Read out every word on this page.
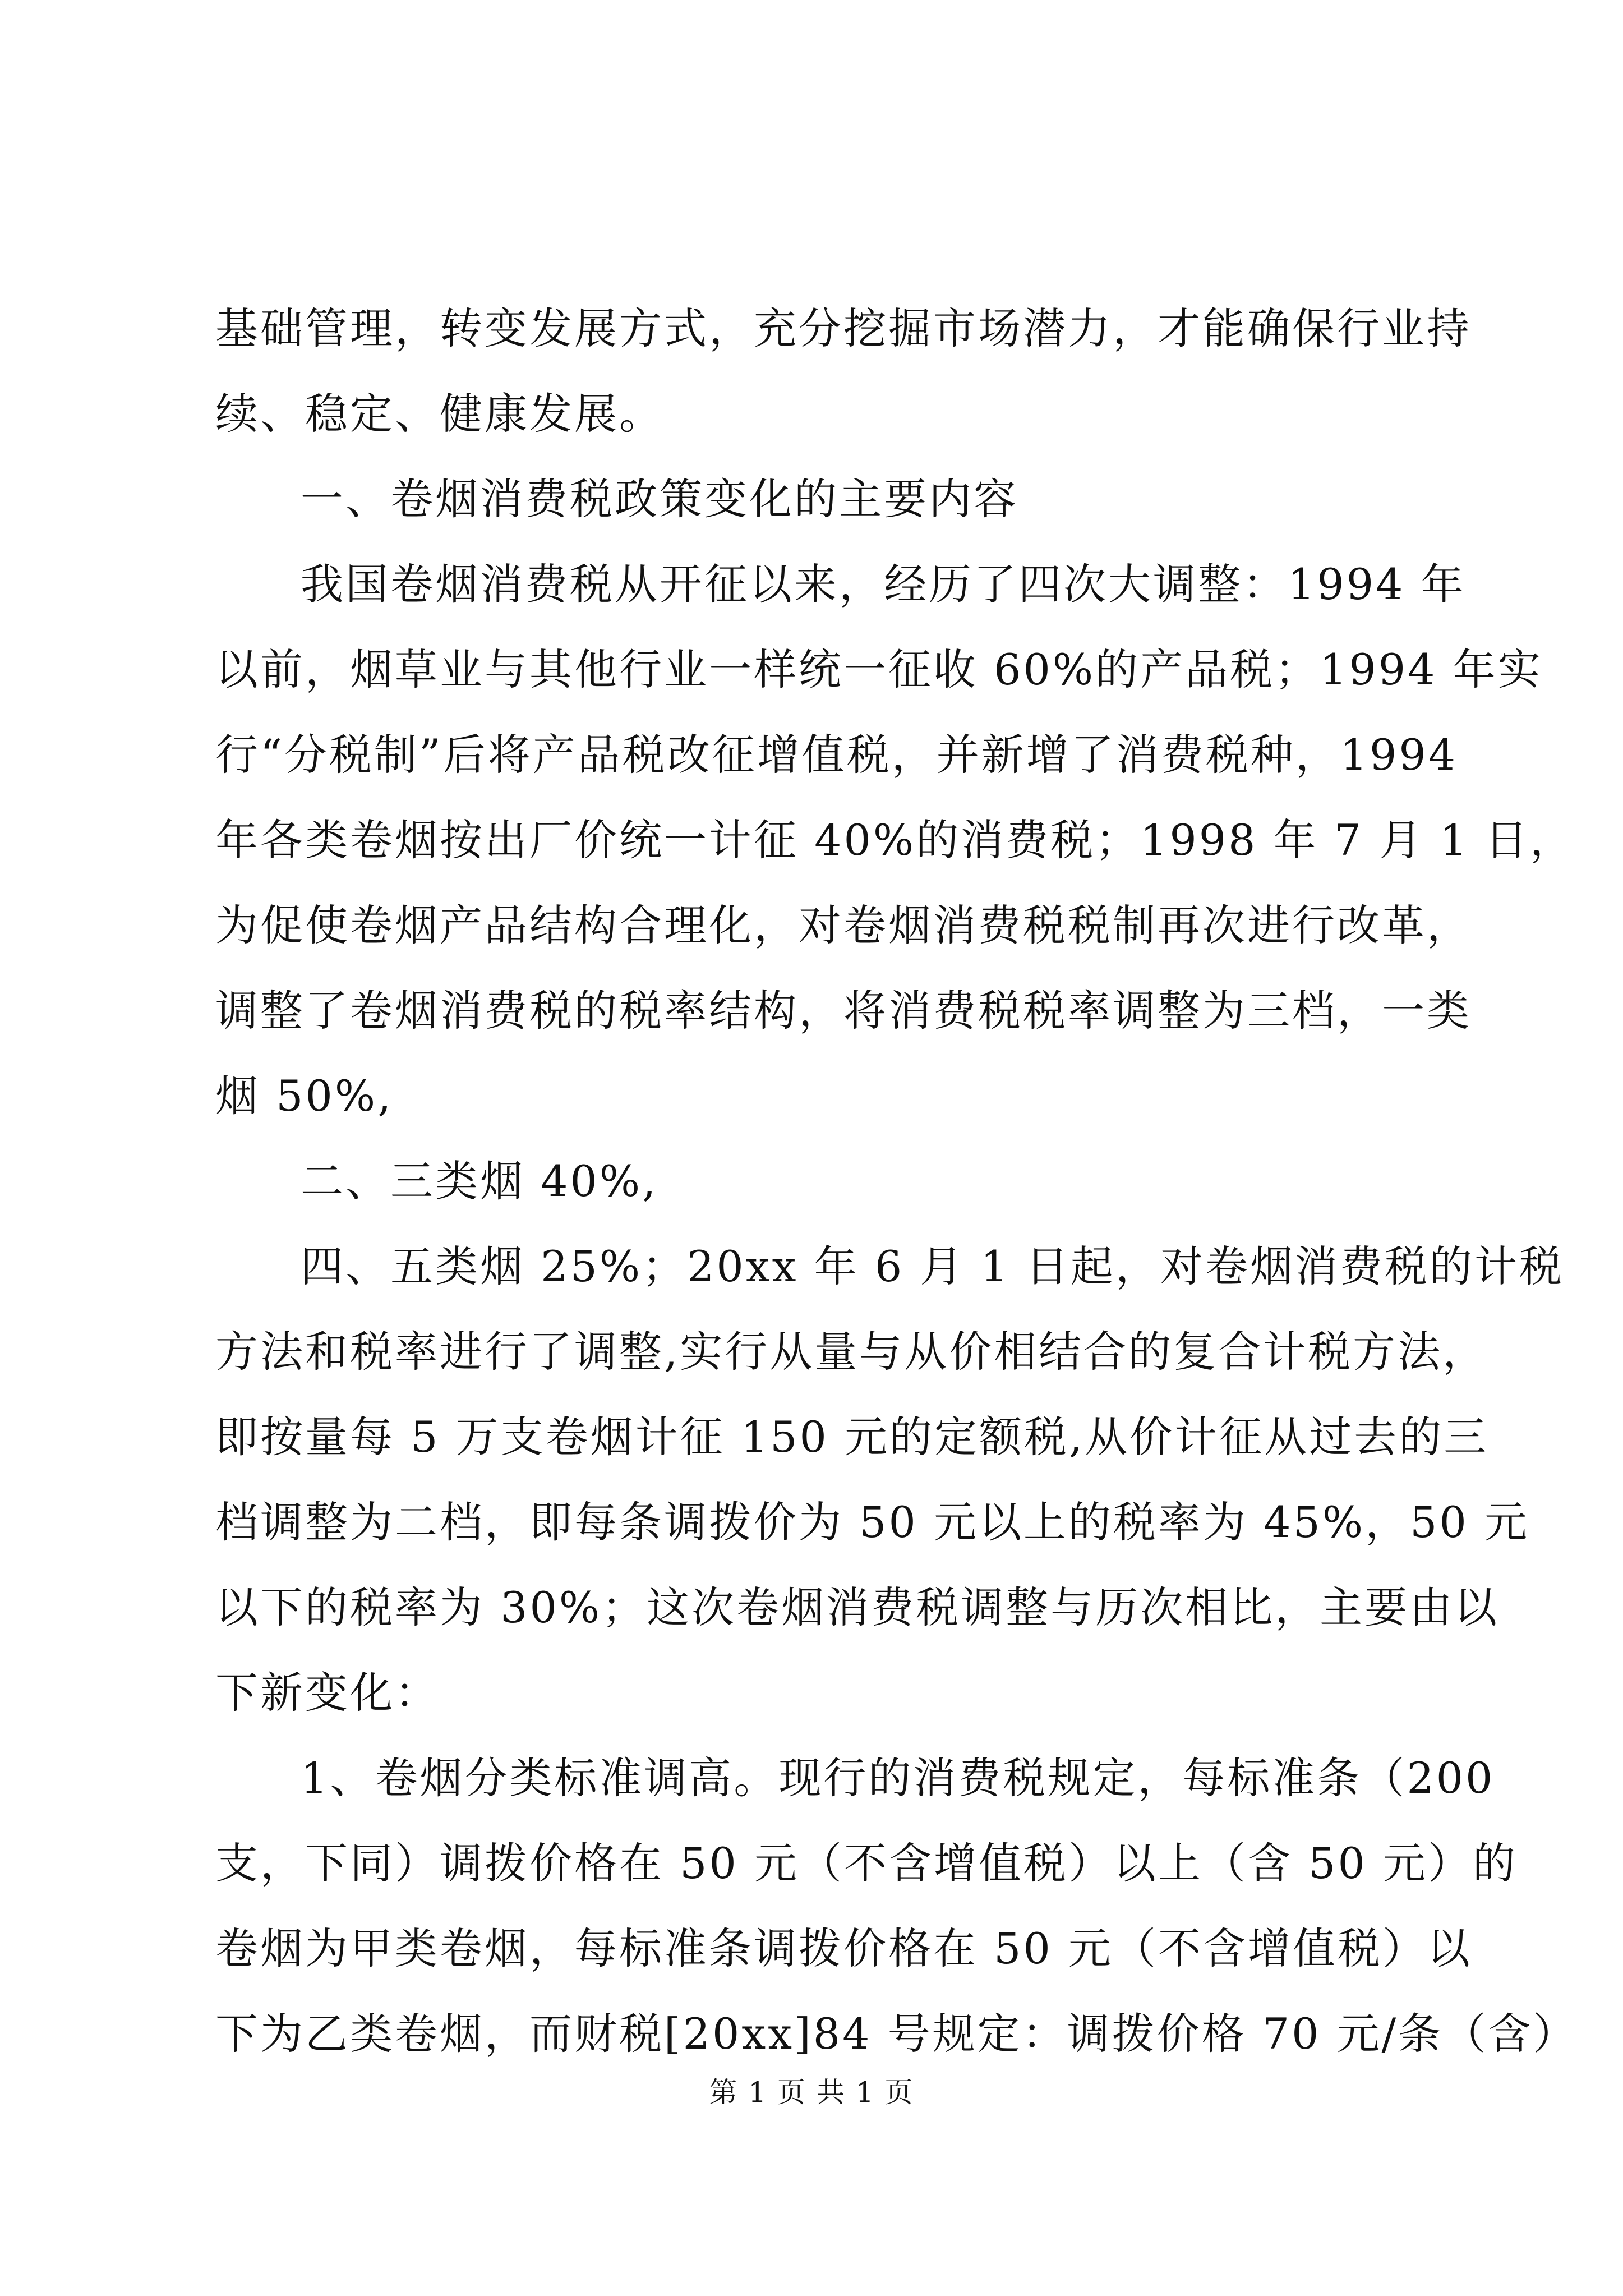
基础管理，转变发展方式，充分挖掘市场潜力，才能确保行业持
续、稳定、健康发展。
一、卷烟消费税政策变化的主要内容
我国卷烟消费税从开征以来，经历了四次大调整：1994 年
以前，烟草业与其他行业一样统一征收 60%的产品税；1994 年实
行“分税制”后将产品税改征增值税，并新增了消费税种，1994
年各类卷烟按出厂价统一计征 40%的消费税；1998 年 7 月 1 日，
为促使卷烟产品结构合理化，对卷烟消费税税制再次进行改革，
调整了卷烟消费税的税率结构，将消费税税率调整为三档，一类
烟 50%,
二、三类烟 40%,
四、五类烟 25%；20xx 年 6 月 1 日起，对卷烟消费税的计税
方法和税率进行了调整,实行从量与从价相结合的复合计税方法，
即按量每 5 万支卷烟计征 150 元的定额税,从价计征从过去的三
档调整为二档，即每条调拨价为 50 元以上的税率为 45%，50 元
以下的税率为 30%；这次卷烟消费税调整与历次相比，主要由以
下新变化：
1、卷烟分类标准调高。现行的消费税规定，每标准条（200
支，下同）调拨价格在 50 元（不含增值税）以上（含 50 元）的
卷烟为甲类卷烟，每标准条调拨价格在 50 元（不含增值税）以
下为乙类卷烟，而财税[20xx]84 号规定：调拨价格 70 元/条（含）
第 1 页 共 1 页
